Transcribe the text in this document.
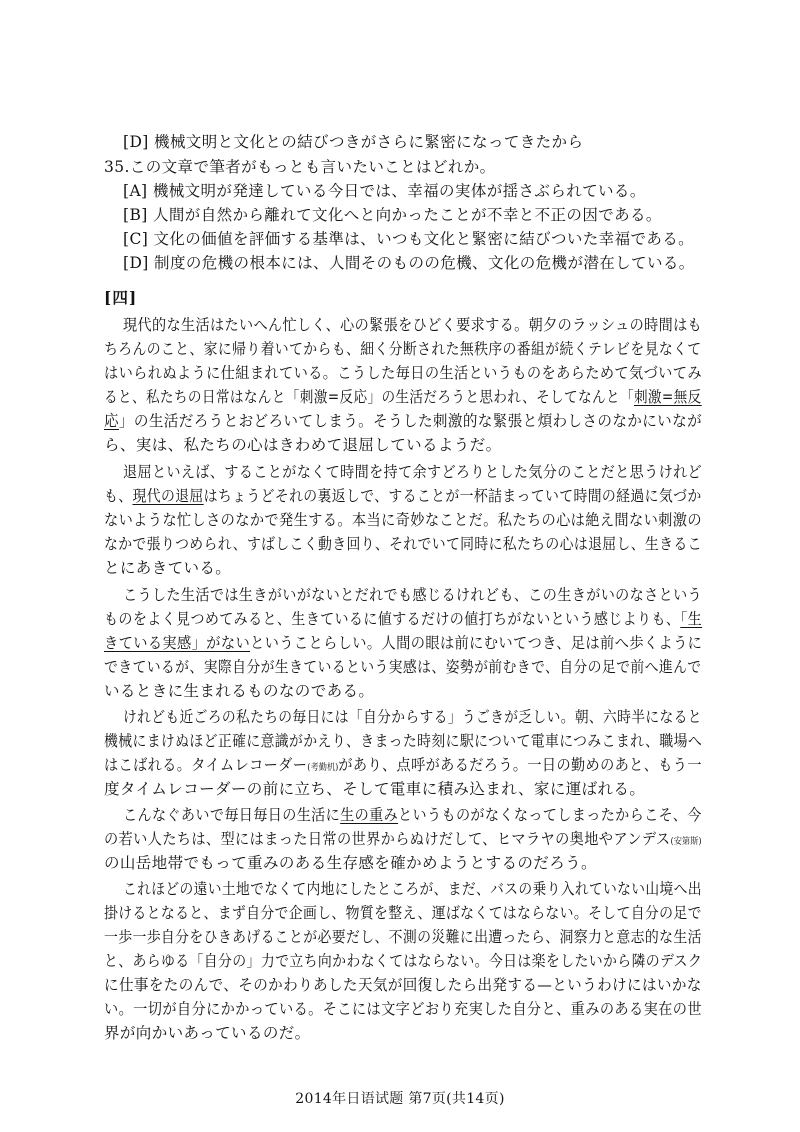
[D] 機械文明と文化との結びつきがさらに緊密になってきたから
35.この文章で筆者がもっとも言いたいことはどれか。
[A] 機械文明が発達している今日では、幸福の実体が揺さぶられている。
[B] 人間が自然から離れて文化へと向かったことが不幸と不正の因である。
[C] 文化の価値を評価する基準は、いつも文化と緊密に結びついた幸福である。
[D] 制度の危機の根本には、人間そのものの危機、文化の危機が潜在している。
[四]
現代的な生活はたいへん忙しく、心の緊張をひどく要求する。朝夕のラッシュの時間はも
ちろんのこと、家に帰り着いてからも、細く分断された無秩序の番組が続くテレビを見なくて
はいられぬように仕組まれている。こうした毎日の生活というものをあらためて気づいてみ
ると、私たちの日常はなんと「刺激=反応」の生活だろうと思われ、そしてなんと「刺激=無反
応」の生活だろうとおどろいてしまう。そうした刺激的な緊張と煩わしさのなかにいなが
ら、実は、私たちの心はきわめて退屈しているようだ。
退屈といえば、することがなくて時間を持て余すどろりとした気分のことだと思うけれど
も、現代の退屈はちょうどそれの裏返しで、することが一杯詰まっていて時間の経過に気づか
ないような忙しさのなかで発生する。本当に奇妙なことだ。私たちの心は絶え間ない刺激の
なかで張りつめられ、すばしこく動き回り、それでいて同時に私たちの心は退屈し、生きるこ
とにあきている。
こうした生活では生きがいがないとだれでも感じるけれども、この生きがいのなさという
ものをよく見つめてみると、生きているに値するだけの値打ちがないという感じよりも、「生
きている実感」がないということらしい。人間の眼は前にむいてつき、足は前へ歩くように
できているが、実際自分が生きているという実感は、姿勢が前むきで、自分の足で前へ進んで
いるときに生まれるものなのである。
けれども近ごろの私たちの毎日には「自分からする」うごきが乏しい。朝、六時半になると
機械にまけぬほど正確に意識がかえり、きまった時刻に駅について電車につみこまれ、職場へ
はこばれる。タイムレコーダー(考勤机)があり、点呼があるだろう。一日の勤めのあと、もう一
度タイムレコーダーの前に立ち、そして電車に積み込まれ、家に運ばれる。
こんなぐあいで毎日毎日の生活に生の重みというものがなくなってしまったからこそ、今
の若い人たちは、型にはまった日常の世界からぬけだして、ヒマラヤの奥地やアンデス(安第斯)
の山岳地帯でもって重みのある生存感を確かめようとするのだろう。
これほどの遠い土地でなくて内地にしたところが、まだ、バスの乗り入れていない山境へ出
掛けるとなると、まず自分で企画し、物質を整え、運ばなくてはならない。そして自分の足で
一歩一歩自分をひきあげることが必要だし、不測の災難に出遭ったら、洞察力と意志的な生活
と、あらゆる「自分の」力で立ち向かわなくてはならない。今日は楽をしたいから隣のデスク
に仕事をたのんで、そのかわりあした天気が回復したら出発する—というわけにはいかな
い。一切が自分にかかっている。そこには文字どおり充実した自分と、重みのある実在の世
界が向かいあっているのだ。
2014年日语试题 第7页(共14页)
